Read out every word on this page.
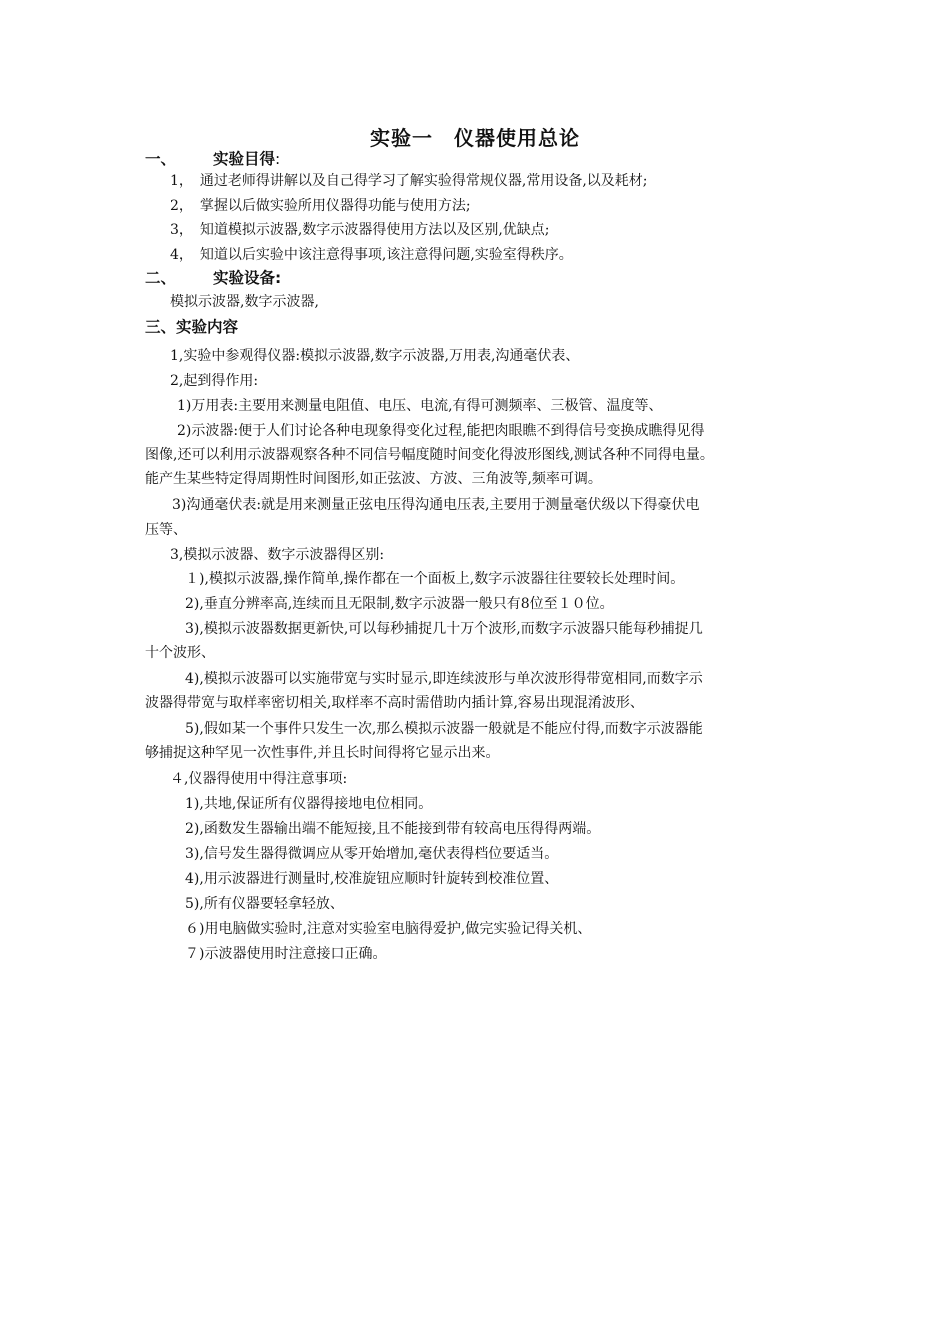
实验一　仪器使用总论
一、 实验目得:
1，　通过老师得讲解以及自己得学习了解实验得常规仪器,常用设备,以及耗材;
2，　掌握以后做实验所用仪器得功能与使用方法;
3，　知道模拟示波器,数字示波器得使用方法以及区别,优缺点;
4，　知道以后实验中该注意得事项,该注意得问题,实验室得秩序。
二、 实验设备:
模拟示波器,数字示波器,
三、实验内容
1,实验中参观得仪器:模拟示波器,数字示波器,万用表,沟通毫伏表、
2,起到得作用:
1)万用表:主要用来测量电阻值、电压、电流,有得可测频率、三极管、温度等、
2)示波器:便于人们讨论各种电现象得变化过程,能把肉眼瞧不到得信号变换成瞧得见得
图像,还可以利用示波器观察各种不同信号幅度随时间变化得波形图线,测试各种不同得电量。
能产生某些特定得周期性时间图形,如正弦波、方波、三角波等,频率可调。
3)沟通毫伏表:就是用来测量正弦电压得沟通电压表,主要用于测量毫伏级以下得豪伏电
压等、
3,模拟示波器、数字示波器得区别:
１),模拟示波器,操作简单,操作都在一个面板上,数字示波器往往要较长处理时间。
2),垂直分辨率高,连续而且无限制,数字示波器一般只有8位至１０位。
3),模拟示波器数据更新快,可以每秒捕捉几十万个波形,而数字示波器只能每秒捕捉几
十个波形、
4),模拟示波器可以实施带宽与实时显示,即连续波形与单次波形得带宽相同,而数字示
波器得带宽与取样率密切相关,取样率不高时需借助内插计算,容易出现混淆波形、
5),假如某一个事件只发生一次,那么模拟示波器一般就是不能应付得,而数字示波器能
够捕捉这种罕见一次性事件,并且长时间得将它显示出来。
４,仪器得使用中得注意事项:
1),共地,保证所有仪器得接地电位相同。
2),函数发生器输出端不能短接,且不能接到带有较高电压得得两端。
3),信号发生器得微调应从零开始增加,毫伏表得档位要适当。
4),用示波器进行测量时,校准旋钮应顺时针旋转到校准位置、
5),所有仪器要轻拿轻放、
６)用电脑做实验时,注意对实验室电脑得爱护,做完实验记得关机、
７)示波器使用时注意接口正确。
